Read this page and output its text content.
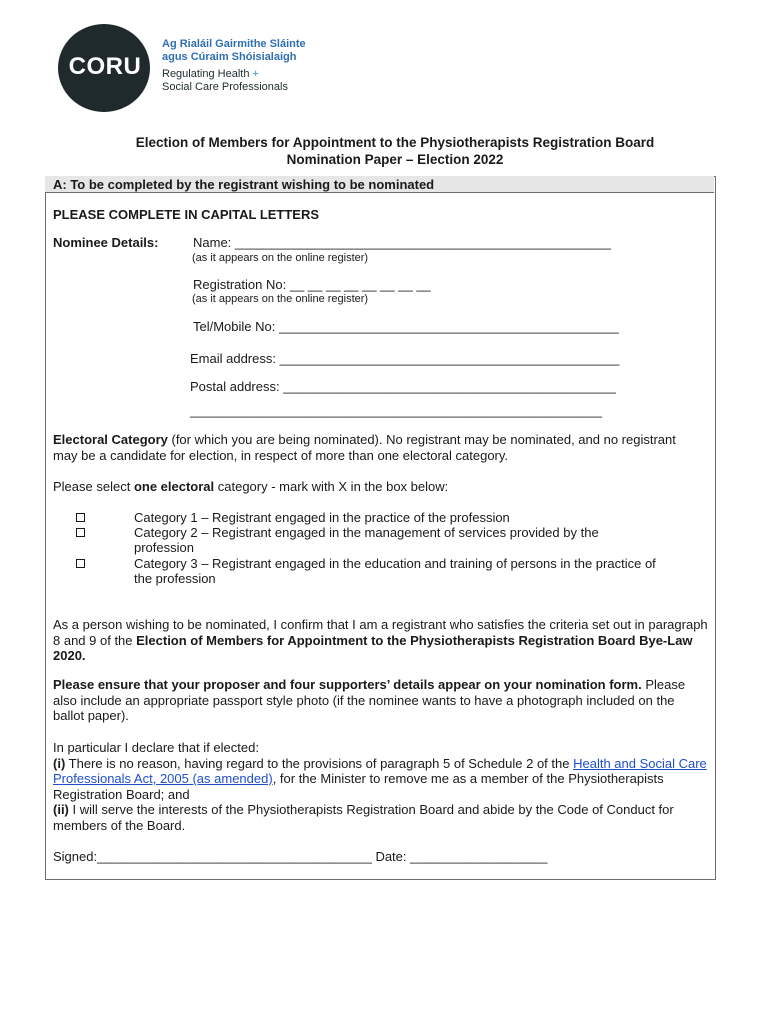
CORU
Ag Rialáil Gairmithe Sláinte
agus Cúraim Shóisialaigh
Regulating Health +
Social Care Professionals
Election of Members for Appointment to the Physiotherapists Registration Board
Nomination Paper – Election 2022
A: To be completed by the registrant wishing to be nominated
PLEASE COMPLETE IN CAPITAL LETTERS
Nominee Details:	Name: ____________________________________________________
(as it appears on the online register)
Registration No: __ __ __ __ __ __ __ __
(as it appears on the online register)
Tel/Mobile No: _______________________________________________
Email address: _______________________________________________
Postal address: ______________________________________________
_________________________________________________________
Electoral Category (for which you are being nominated). No registrant may be nominated, and no registrant may be a candidate for election, in respect of more than one electoral category.
Please select one electoral category - mark with X in the box below:
Category 1 – Registrant engaged in the practice of the profession
Category 2 – Registrant engaged in the management of services provided by the
profession
Category 3 – Registrant engaged in the education and training of persons in the practice of
the profession
As a person wishing to be nominated, I confirm that I am a registrant who satisfies the criteria set out in paragraph 8 and 9 of the Election of Members for Appointment to the Physiotherapists Registration Board Bye-Law 2020.
Please ensure that your proposer and four supporters’ details appear on your nomination form. Please also include an appropriate passport style photo (if the nominee wants to have a photograph included on the ballot paper).
In particular I declare that if elected:
(i) There is no reason, having regard to the provisions of paragraph 5 of Schedule 2 of the Health and Social Care Professionals Act, 2005 (as amended), for the Minister to remove me as a member of the Physiotherapists Registration Board; and
(ii) I will serve the interests of the Physiotherapists Registration Board and abide by the Code of Conduct for members of the Board.
Signed:______________________________________ Date: ___________________
